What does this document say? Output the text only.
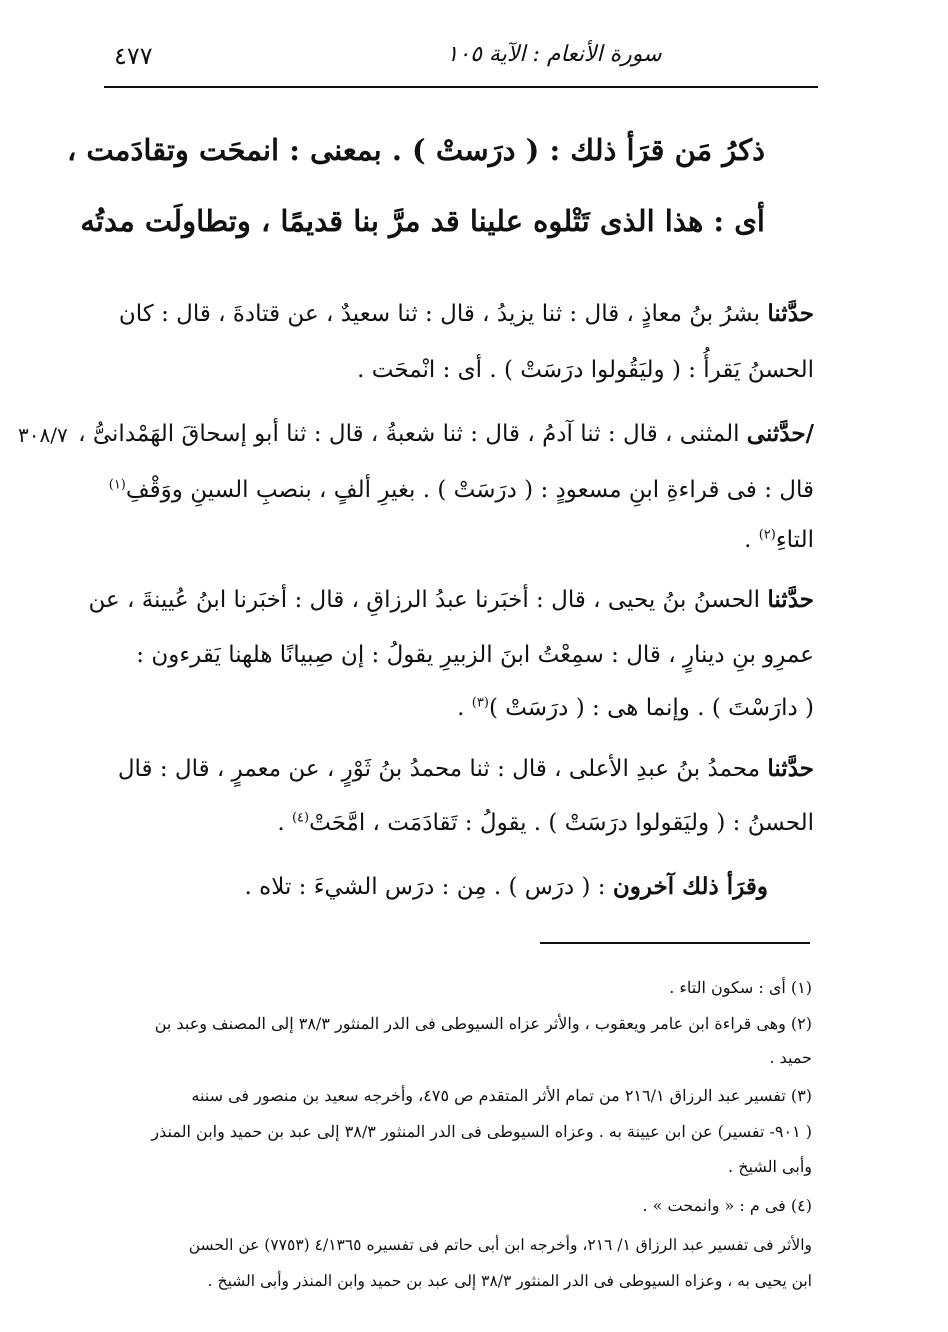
سورة الأنعام : الآية ١٠٥
٤٧٧
ذكرُ مَن قرَأ ذلك : ( درَستْ ) . بمعنى : انمحَت وتقادَمت ،
أى : هذا الذى تَتْلوه علينا قد مرَّ بنا قديمًا ، وتطاولَت مدتُه
حدَّثنا بشرُ بنُ معاذٍ ، قال : ثنا يزيدُ ، قال : ثنا سعيدٌ ، عن قتادةَ ، قال : كان
الحسنُ يَقرأُ : ( وليَقُولوا درَسَتْ ) . أى : انْمحَت .
٣٠٨/٧	/حدَّثنى المثنى ، قال : ثنا آدمُ ، قال : ثنا شعبةُ ، قال : ثنا أبو إسحاقَ الهَمْدانىُّ ،
قال : فى قراءةِ ابنِ مسعودٍ : ( درَسَتْ ) . بغيرِ ألفٍ ، بنصبِ السينِ ووَقْفِ$^{(١)}$
التاءِ$^{(٢)}$ .
حدَّثنا الحسنُ بنُ يحيى ، قال : أخبَرنا عبدُ الرزاقِ ، قال : أخبَرنا ابنُ عُيينةَ ، عن
عمرِو بنِ دينارٍ ، قال : سمِعْتُ ابنَ الزبيرِ يقولُ : إن صِبيانًا هلهنا يَقرءون :
( دارَسْتَ ) . وإنما هى : ( درَسَتْ )$^{(٣)}$ .
حدَّثنا محمدُ بنُ عبدِ الأعلى ، قال : ثنا محمدُ بنُ ثَوْرٍ ، عن معمرٍ ، قال : قال
الحسنُ : ( وليَقولوا درَسَتْ ) . يقولُ : تَقادَمَت ، امَّحَتْ$^{(٤)}$ .
وقرَأ ذلك آخرون : ( درَس ) . مِن : درَس الشيءَ : تلاه .
(١) أى : سكون التاء .
(٢) وهى قراءة ابن عامر ويعقوب ، والأثر عزاه السيوطى فى الدر المنثور ٣٨/٣ إلى المصنف وعبد بن
حميد .
(٣) تفسير عبد الرزاق ٢١٦/١ من تمام الأثر المتقدم ص ٤٧٥، وأخرجه سعيد بن منصور فى سننه
( ٩٠١- تفسير) عن ابن عيينة به . وعزاه السيوطى فى الدر المنثور ٣٨/٣ إلى عبد بن حميد وابن المنذر
وأبى الشيخ .
(٤) فى م : « وانمحت » .
والأثر فى تفسير عبد الرزاق ١/ ٢١٦، وأخرجه ابن أبى حاتم فى تفسيره ٤/١٣٦٥ (٧٧٥٣) عن الحسن
ابن يحيى به ، وعزاه السيوطى فى الدر المنثور ٣٨/٣ إلى عبد بن حميد وابن المنذر وأبى الشيخ .
